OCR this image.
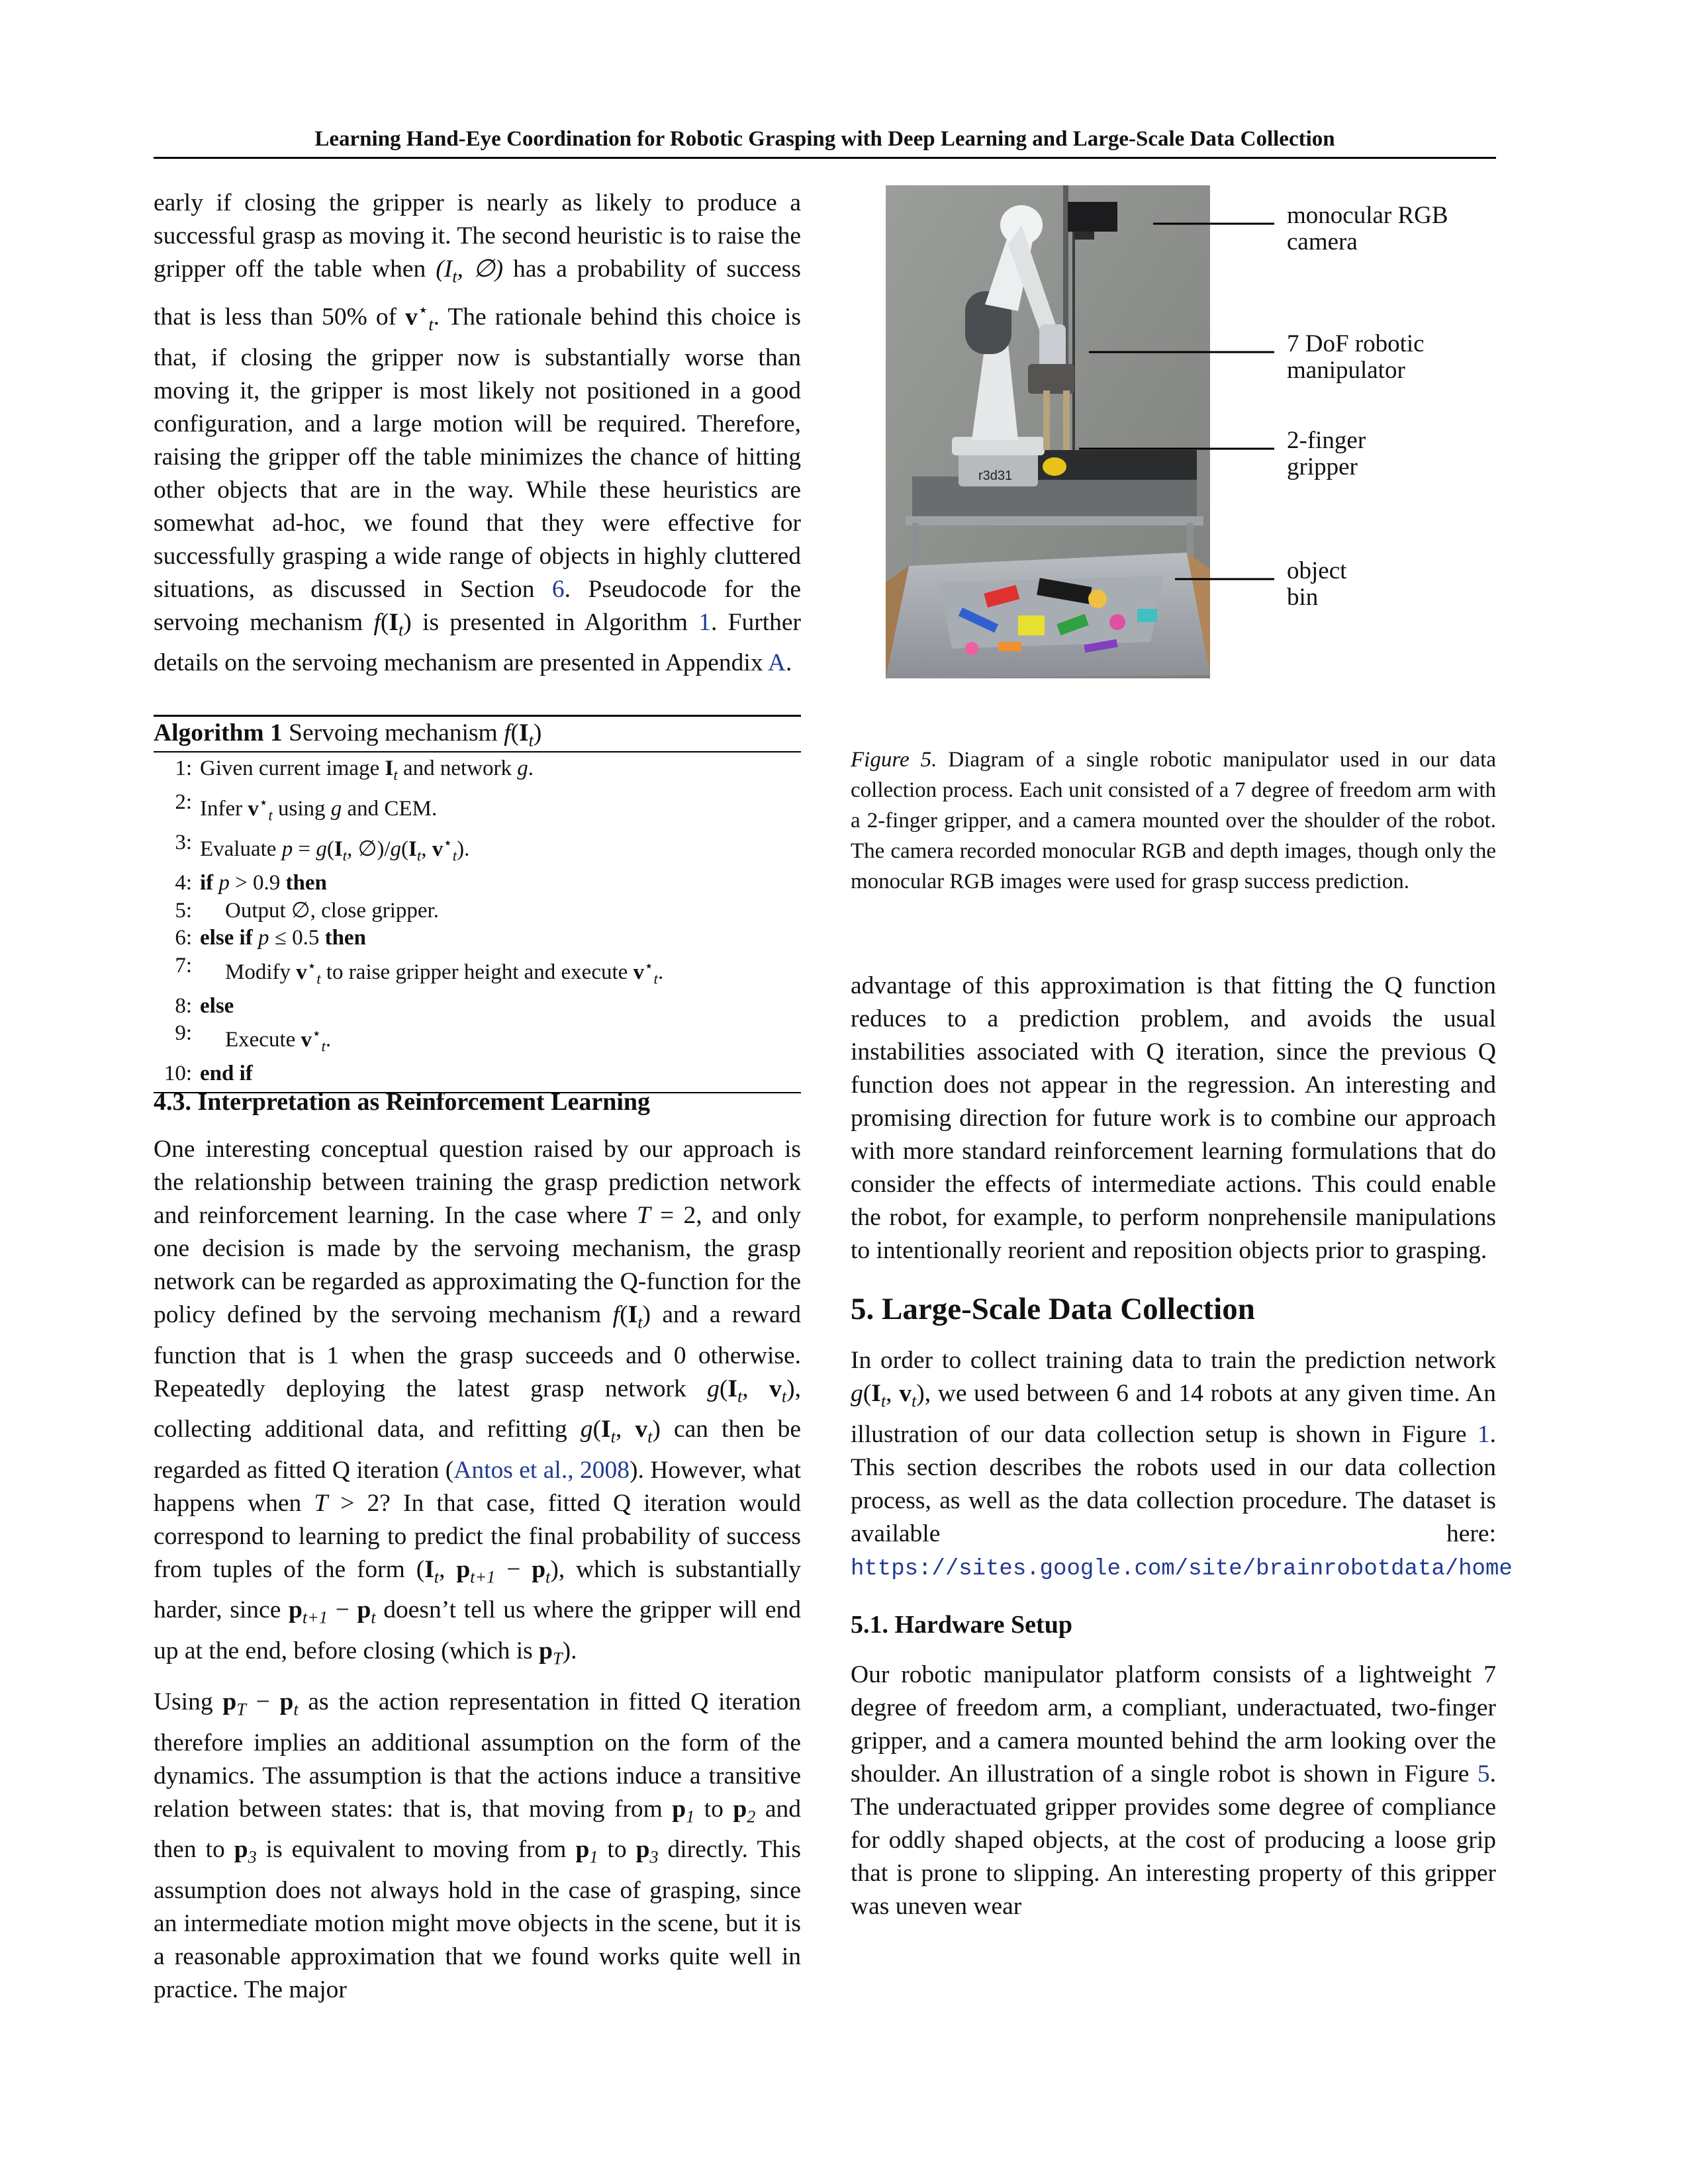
Learning Hand-Eye Coordination for Robotic Grasping with Deep Learning and Large-Scale Data Collection

early if closing the gripper is nearly as likely to produce a successful grasp as moving it. The second heuristic is to raise the gripper off the table when ($I_t$, ∅) has a probability of success that is less than 50% of $v^⋆_t$. The rationale behind this choice is that, if closing the gripper now is substantially worse than moving it, the gripper is most likely not positioned in a good configuration, and a large motion will be required. Therefore, raising the gripper off the table minimizes the chance of hitting other objects that are in the way. While these heuristics are somewhat ad-hoc, we found that they were effective for successfully grasping a wide range of objects in highly cluttered situations, as discussed in Section 6. Pseudocode for the servoing mechanism $f(I_t)$ is presented in Algorithm 1. Further details on the servoing mechanism are presented in Appendix A.

Algorithm 1 Servoing mechanism $f(I_t)$
1: Given current image $I_t$ and network g.
2: Infer $v^⋆_t$ using g and CEM.
3: Evaluate $p = g(I_t$, $\emptyset)/g(I_t$, $v^⋆_t$).
4: if p > 0.9 then
5:	Output ∅, close gripper.
6: else if p ≤ 0.5 then
7:	Modify $v^⋆_t$ to raise gripper height and execute $v^⋆_t$.
8: else
9:	Execute $v^⋆_t$.
10: end if
4.3. Interpretation as Reinforcement Learning

One interesting conceptual question raised by our approach is the relationship between training the grasp prediction network and reinforcement learning. In the case where T = 2, and only one decision is made by the servoing mechanism, the grasp network can be regarded as approximating the Q-function for the policy defined by the servoing mechanism $f(I_t)$ and a reward function that is 1 when the grasp succeeds and 0 otherwise. Repeatedly deploying the latest grasp network $g(I_t$, $v_t$), collecting additional data, and refitting $g(I_t$, $v_t$) can then be regarded as fitted Q iteration (Antos et al., 2008). However, what happens when T > 2? In that case, fitted Q iteration would correspond to learning to predict the final probability of success from tuples of the form ($I_t$, $p_{t+1} - p_t$), which is substantially harder, since $p_{t+1} - p_t$ doesn’t tell us where the gripper will end up at the end, before closing (which is $p_T$).

Using $p_T - p_t$ as the action representation in fitted Q iteration therefore implies an additional assumption on the form of the dynamics. The assumption is that the actions induce a transitive relation between states: that is, that moving from $p_1$ to $p_2$ and then to $p_3$ is equivalent to moving from $p_1$ to $p_3$ directly. This assumption does not always hold in the case of grasping, since an intermediate motion might move objects in the scene, but it is a reasonable approximation that we found works quite well in practice. The major

r3d31
monocular RGB
camera
7 DoF robotic
manipulator
2-finger
gripper
object
bin
Figure 5. Diagram of a single robotic manipulator used in our data collection process. Each unit consisted of a 7 degree of freedom arm with a 2-finger gripper, and a camera mounted over the shoulder of the robot. The camera recorded monocular RGB and depth images, though only the monocular RGB images were used for grasp success prediction.

advantage of this approximation is that fitting the Q function reduces to a prediction problem, and avoids the usual instabilities associated with Q iteration, since the previous Q function does not appear in the regression. An interesting and promising direction for future work is to combine our approach with more standard reinforcement learning formulations that do consider the effects of intermediate actions. This could enable the robot, for example, to perform nonprehensile manipulations to intentionally reorient and reposition objects prior to grasping.

5. Large-Scale Data Collection

In order to collect training data to train the prediction network $g(I_t$, $v_t$), we used between 6 and 14 robots at any given time. An illustration of our data collection setup is shown in Figure 1. This section describes the robots used in our data collection process, as well as the data collection procedure. The dataset is available here: https://sites.google.com/site/brainrobotdata/home

5.1. Hardware Setup

Our robotic manipulator platform consists of a lightweight 7 degree of freedom arm, a compliant, underactuated, two-finger gripper, and a camera mounted behind the arm looking over the shoulder. An illustration of a single robot is shown in Figure 5. The underactuated gripper provides some degree of compliance for oddly shaped objects, at the cost of producing a loose grip that is prone to slipping. An interesting property of this gripper was uneven wear
